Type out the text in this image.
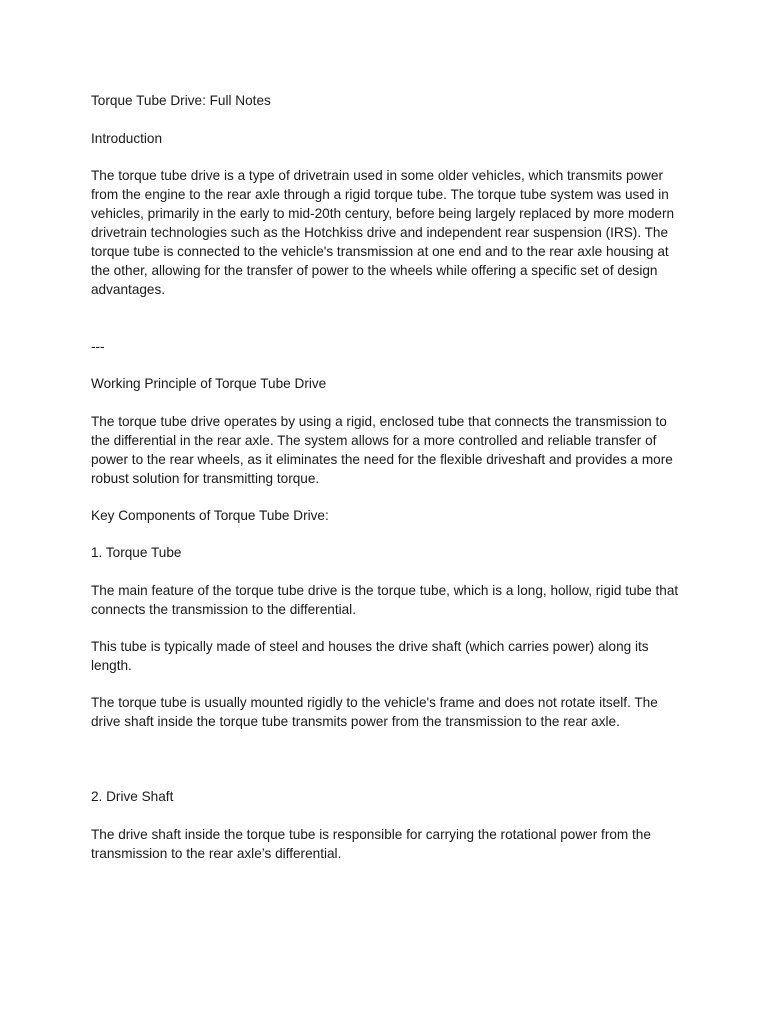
Torque Tube Drive: Full Notes

Introduction

The torque tube drive is a type of drivetrain used in some older vehicles, which transmits power from the engine to the rear axle through a rigid torque tube. The torque tube system was used in vehicles, primarily in the early to mid-20th century, before being largely replaced by more modern drivetrain technologies such as the Hotchkiss drive and independent rear suspension (IRS). The torque tube is connected to the vehicle's transmission at one end and to the rear axle housing at the other, allowing for the transfer of power to the wheels while offering a specific set of design advantages.

---

Working Principle of Torque Tube Drive

The torque tube drive operates by using a rigid, enclosed tube that connects the transmission to the differential in the rear axle. The system allows for a more controlled and reliable transfer of power to the rear wheels, as it eliminates the need for the flexible driveshaft and provides a more robust solution for transmitting torque.

Key Components of Torque Tube Drive:

1. Torque Tube

The main feature of the torque tube drive is the torque tube, which is a long, hollow, rigid tube that connects the transmission to the differential.

This tube is typically made of steel and houses the drive shaft (which carries power) along its length.

The torque tube is usually mounted rigidly to the vehicle's frame and does not rotate itself. The drive shaft inside the torque tube transmits power from the transmission to the rear axle.

2. Drive Shaft

The drive shaft inside the torque tube is responsible for carrying the rotational power from the transmission to the rear axle’s differential.
